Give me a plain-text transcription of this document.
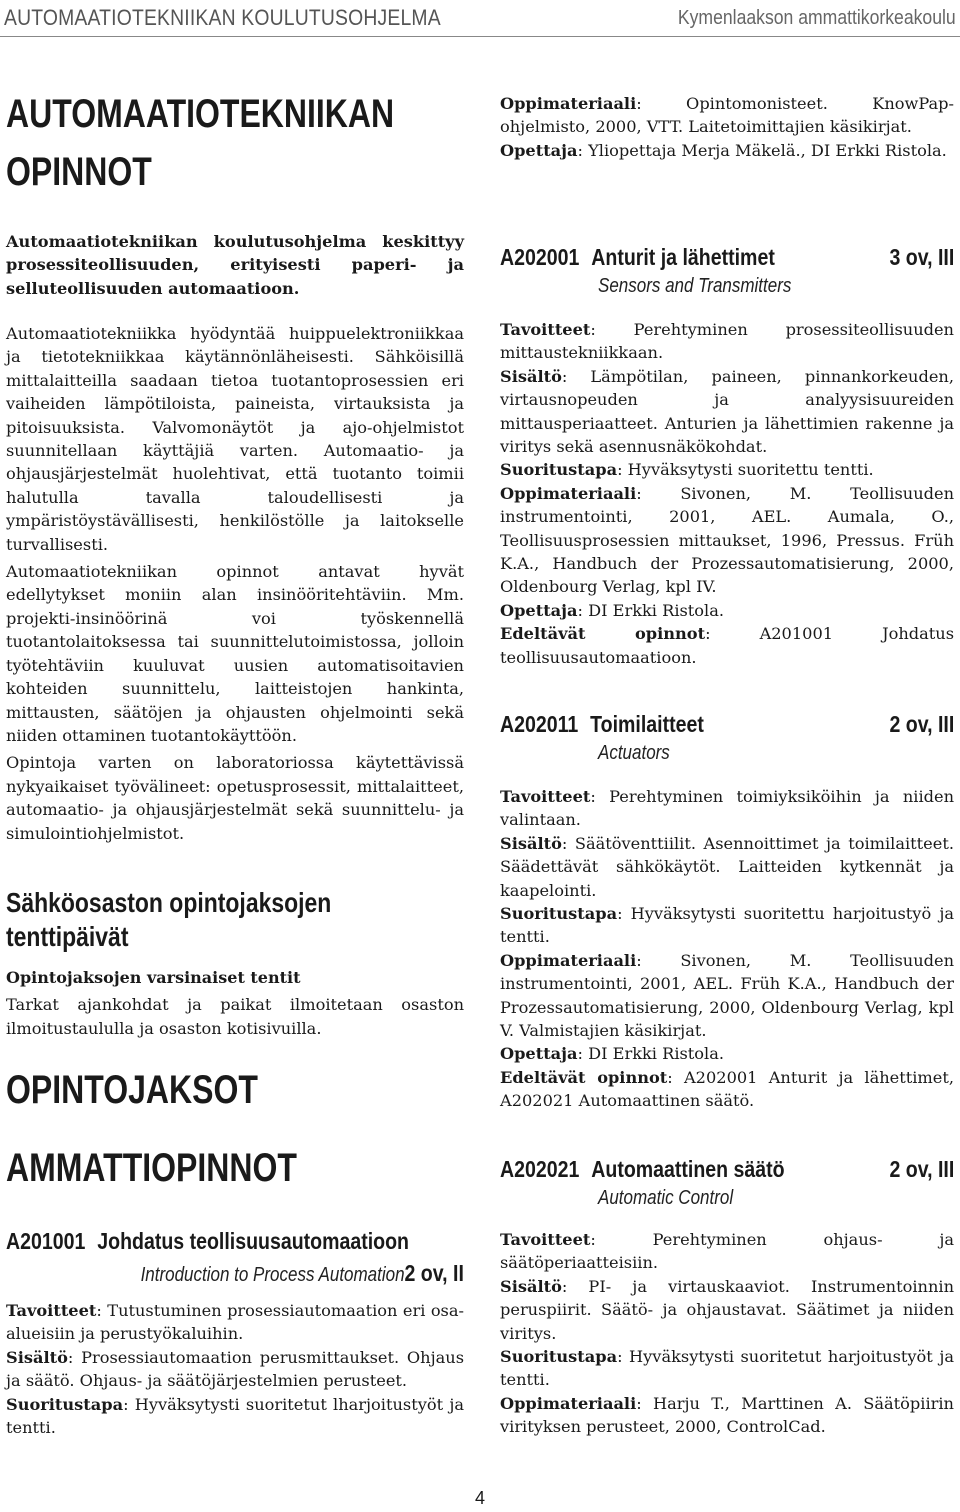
AUTOMAATIOTEKNIIKAN KOULUTUSOHJELMA	Kymenlaakson ammattikorkeakoulu
AUTOMAATIOTEKNIIKAN
OPINNOT

Automaatiotekniikan koulutusohjelma keskittyy prosessiteollisuuden, erityisesti paperi- ja selluteollisuuden automaatioon.

Automaatiotekniikka hyödyntää huippuelektroniikkaa ja tietotekniikkaa käytännönläheisesti. Sähköisillä mittalaitteilla saadaan tietoa tuotantoprosessien eri vaiheiden lämpötiloista, paineista, virtauksista ja pitoisuuksista. Valvomonäytöt ja ajo-ohjelmistot suunnitellaan käyttäjiä varten. Automaatio- ja ohjausjärjestelmät huolehtivat, että tuotanto toimii halutulla tavalla taloudellisesti ja ympäristöystävällisesti, henkilöstölle ja laitokselle turvallisesti.

Automaatiotekniikan opinnot antavat hyvät edellytykset moniin alan insinööritehtäviin. Mm. projekti-insinöörinä voi työskennellä tuotantolaitoksessa tai suunnittelutoimistossa, jolloin työtehtäviin kuuluvat uusien automatisoitavien kohteiden suunnittelu, laitteistojen hankinta, mittausten, säätöjen ja ohjausten ohjelmointi sekä niiden ottaminen tuotantokäyttöön.

Opintoja varten on laboratoriossa käytettävissä nykyaikaiset työvälineet: opetusprosessit, mittalaitteet, automaatio- ja ohjausjärjestelmät sekä suunnittelu- ja simulointiohjelmistot.

Sähköosaston opintojaksojen
tenttipäivät

Opintojaksojen varsinaiset tentit

Tarkat ajankohdat ja paikat ilmoitetaan osaston ilmoitustaululla ja osaston kotisivuilla.

OPINTOJAKSOT
AMMATTIOPINNOT
A201001 Johdatus teollisuusautomaatioon
Introduction to Process Automation 2 ov, II

Tavoitteet: Tutustuminen prosessiautomaation eri osa-alueisiin ja perustyökaluihin.

Sisältö: Prosessiautomaation perusmittaukset. Ohjaus ja säätö. Ohjaus- ja säätöjärjestelmien perusteet.

Suoritustapa: Hyväksytysti suoritetut lharjoitustyöt ja tentti.

Oppimateriaali: Opintomonisteet. KnowPap-ohjelmisto, 2000, VTT. Laitetoimittajien käsikirjat.

Opettaja: Yliopettaja Merja Mäkelä., DI Erkki Ristola.

A202001 Anturit ja lähettimet	3 ov, III
Sensors and Transmitters

Tavoitteet: Perehtyminen prosessiteollisuuden mittaustekniikkaan.

Sisältö: Lämpötilan, paineen, pinnankorkeuden, virtausnopeuden ja analyysisuureiden mittausperiaatteet. Anturien ja lähettimien rakenne ja viritys sekä asennusnäkökohdat.

Suoritustapa: Hyväksytysti suoritettu tentti.

Oppimateriaali: Sivonen, M. Teollisuuden instrumentointi, 2001, AEL. Aumala, O., Teollisuusprosessien mittaukset, 1996, Pressus. Früh K.A., Handbuch der Prozessautomatisierung, 2000, Oldenbourg Verlag, kpl IV.

Opettaja: DI Erkki Ristola.

Edeltävät opinnot: A201001 Johdatus teollisuusautomaatioon.

A202011 Toimilaitteet	2 ov, III
Actuators

Tavoitteet: Perehtyminen toimiyksiköihin ja niiden valintaan.

Sisältö: Säätöventtiilit. Asennoittimet ja toimilaitteet. Säädettävät sähkökäytöt. Laitteiden kytkennät ja kaapelointi.

Suoritustapa: Hyväksytysti suoritettu harjoitustyö ja tentti.

Oppimateriaali: Sivonen, M. Teollisuuden instrumentointi, 2001, AEL. Früh K.A., Handbuch der Prozessautomatisierung, 2000, Oldenbourg Verlag, kpl V. Valmistajien käsikirjat.

Opettaja: DI Erkki Ristola.

Edeltävät opinnot: A202001 Anturit ja lähettimet, A202021 Automaattinen säätö.

A202021 Automaattinen säätö	2 ov, III
Automatic Control

Tavoitteet: Perehtyminen ohjaus- ja säätöperiaatteisiin.

Sisältö: PI- ja virtauskaaviot. Instrumentoinnin peruspiirit. Säätö- ja ohjaustavat. Säätimet ja niiden viritys.

Suoritustapa: Hyväksytysti suoritetut harjoitustyöt ja tentti.

Oppimateriaali: Harju T., Marttinen A. Säätöpiirin virityksen perusteet, 2000, ControlCad.

4
